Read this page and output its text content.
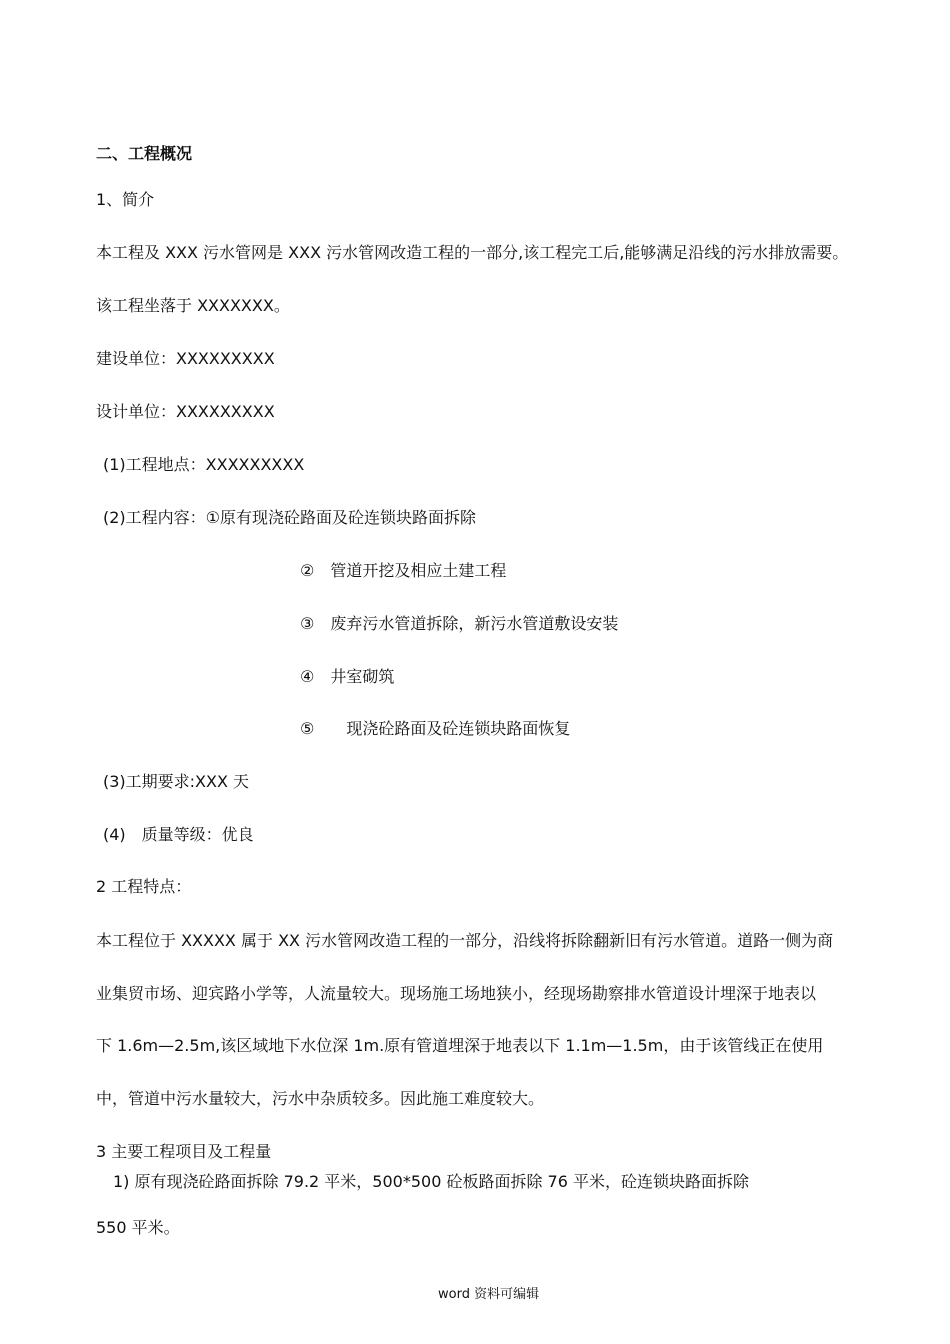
二、工程概况
1、简介
本工程及 XXX 污水管网是 XXX 污水管网改造工程的一部分,该工程完工后,能够满足沿线的污水排放需要。
该工程坐落于 XXXXXXX。
建设单位：XXXXXXXXX
设计单位：XXXXXXXXX
(1)工程地点：XXXXXXXXX
(2)工程内容：①原有现浇砼路面及砼连锁块路面拆除
②　管道开挖及相应土建工程
③　废弃污水管道拆除，新污水管道敷设安装
④　井室砌筑
⑤　　现浇砼路面及砼连锁块路面恢复
(3)工期要求:XXX 天
(4)　质量等级：优良
2 工程特点：
本工程位于 XXXXX 属于 XX 污水管网改造工程的一部分，沿线将拆除翻新旧有污水管道。道路一侧为商
业集贸市场、迎宾路小学等，人流量较大。现场施工场地狭小，经现场勘察排水管道设计埋深于地表以
下 1.6m—2.5m,该区域地下水位深 1m.原有管道埋深于地表以下 1.1m—1.5m，由于该管线正在使用
中，管道中污水量较大，污水中杂质较多。因此施工难度较大。
3 主要工程项目及工程量
1) 原有现浇砼路面拆除 79.2 平米，500*500 砼板路面拆除 76 平米，砼连锁块路面拆除
550 平米。
word 资料可编辑
